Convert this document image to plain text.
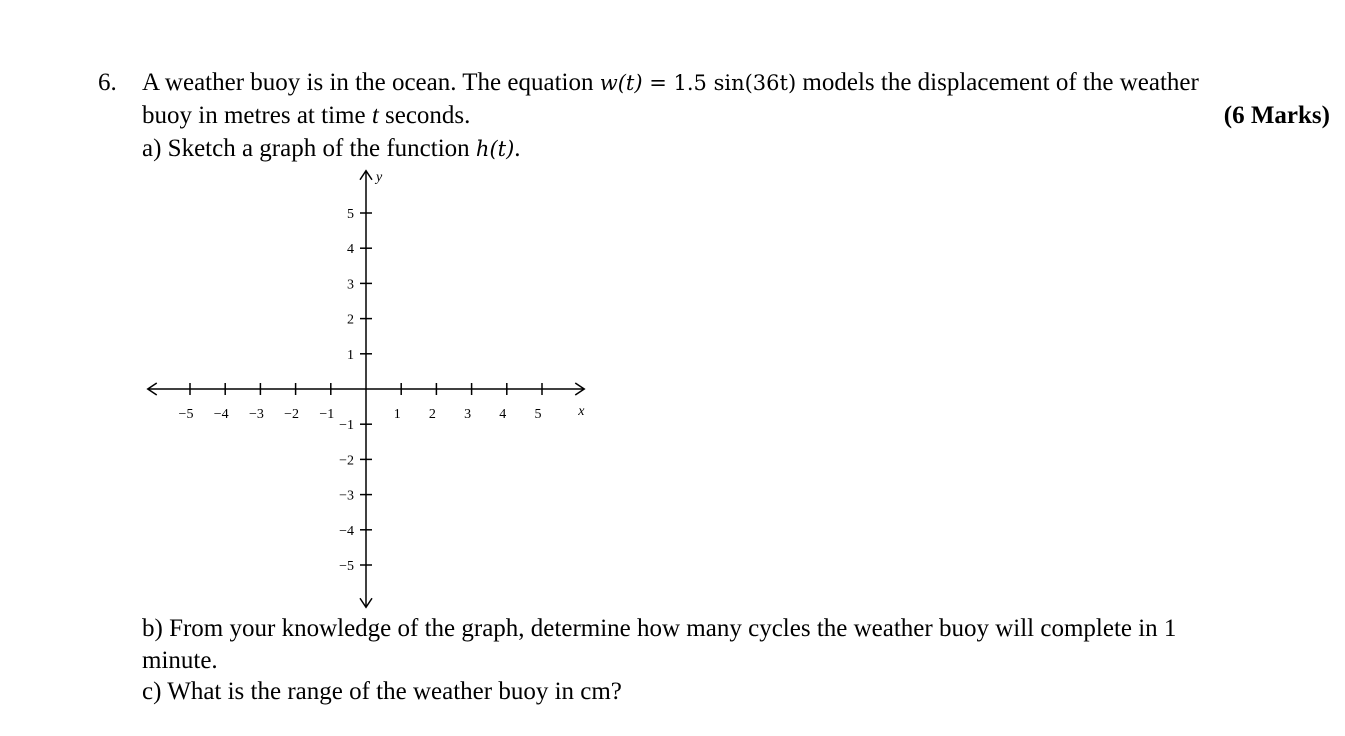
6. A weather buoy is in the ocean. The equation w(t) = 1.5 sin(36t) models the displacement of the weather
buoy in metres at time t seconds.	(6 Marks)
a) Sketch a graph of the function h(t).
−5 −4 −3 −2 −1	1 2 3 4 5
−5
−4
−3
−2
−1
1
2
3
4
5
x
y
b) From your knowledge of the graph, determine how many cycles the weather buoy will complete in 1
minute.
c) What is the range of the weather buoy in cm?
